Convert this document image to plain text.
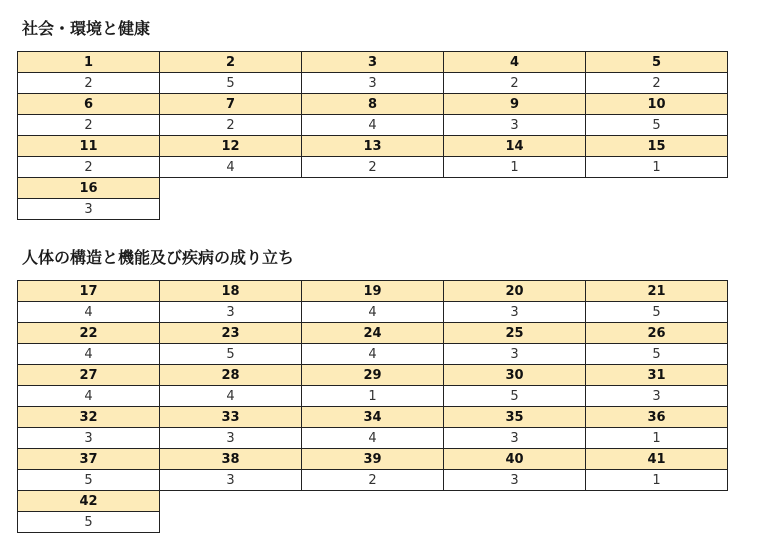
社会・環境と健康
1	2	3	4	5
2	5	3	2	2
6	7	8	9	10
2	2	4	3	5
11	12	13	14	15
2	4	2	1	1
16
3
人体の構造と機能及び疾病の成り立ち
17	18	19	20	21
4	3	4	3	5
22	23	24	25	26
4	5	4	3	5
27	28	29	30	31
4	4	1	5	3
32	33	34	35	36
3	3	4	3	1
37	38	39	40	41
5	3	2	3	1
42
5
